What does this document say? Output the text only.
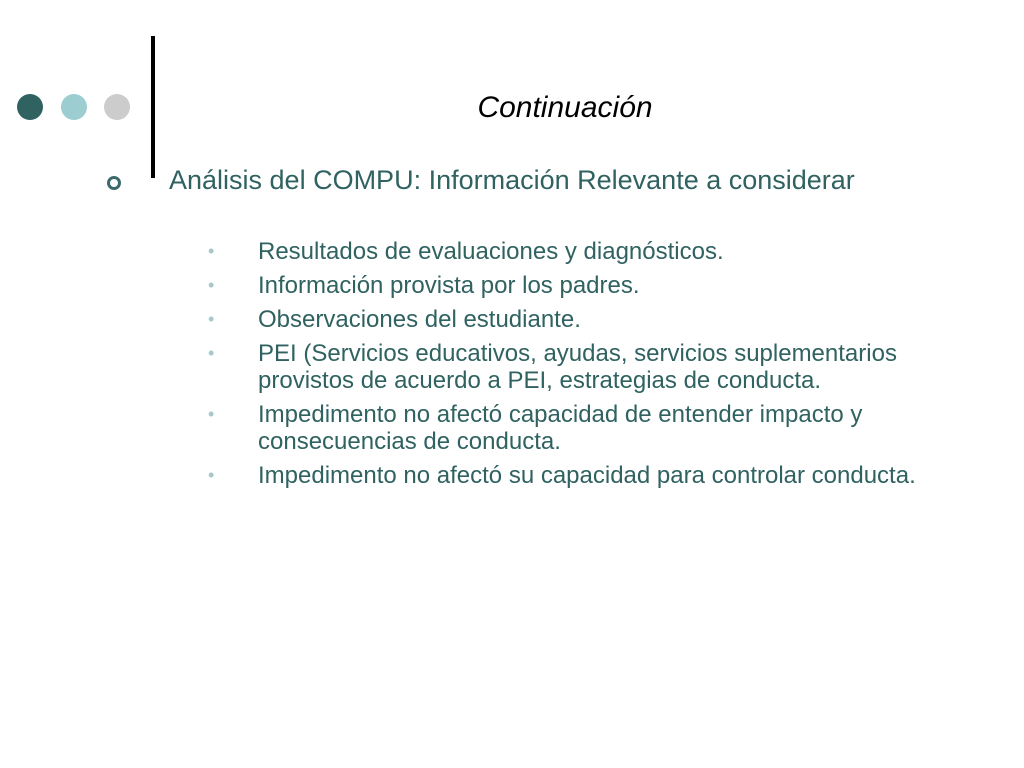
Continuación
Análisis del COMPU: Información Relevante a considerar
• Resultados de evaluaciones y diagnósticos.
• Información provista por los padres.
• Observaciones del estudiante.
• PEI (Servicios educativos, ayudas, servicios suplementarios provistos de acuerdo a PEI, estrategias de conducta.
• Impedimento no afectó capacidad de entender impacto y consecuencias de conducta.
• Impedimento no afectó su capacidad para controlar conducta.
